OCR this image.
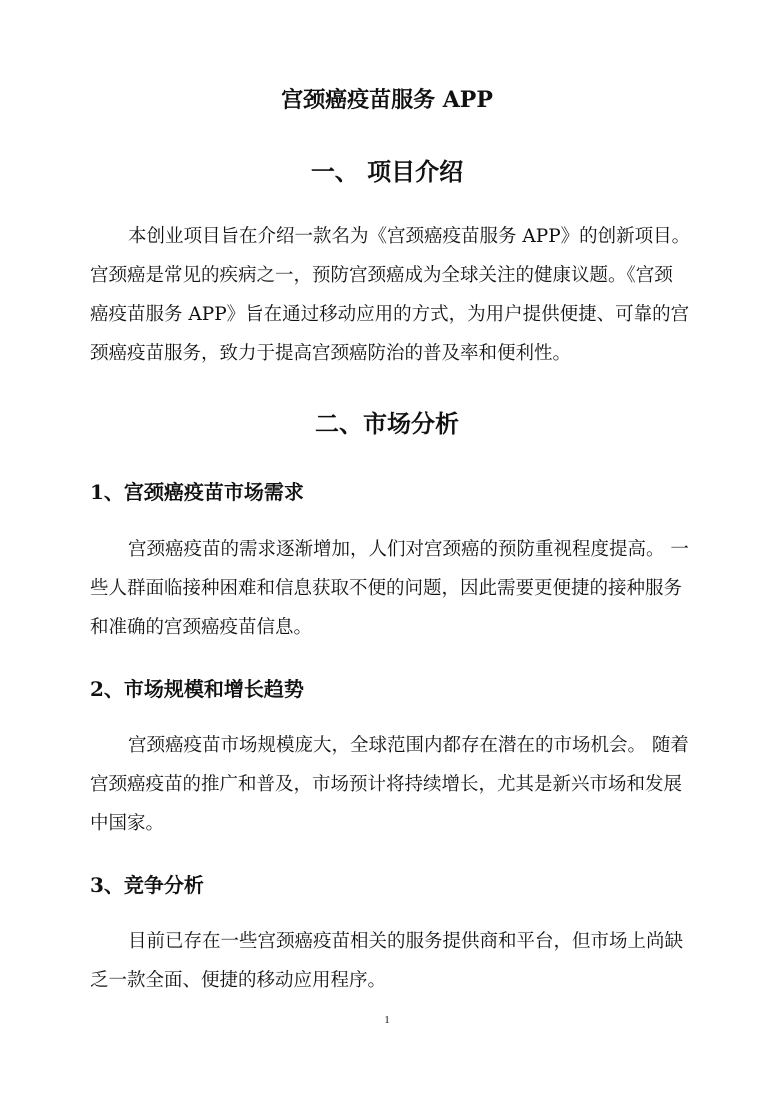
宫颈癌疫苗服务 APP
一、 项目介绍

本创业项目旨在介绍一款名为《宫颈癌疫苗服务 APP》的创新项目。

宫颈癌是常见的疾病之一，预防宫颈癌成为全球关注的健康议题。《宫颈

癌疫苗服务 APP》旨在通过移动应用的方式，为用户提供便捷、可靠的宫

颈癌疫苗服务，致力于提高宫颈癌防治的普及率和便利性。

二、市场分析
1、宫颈癌疫苗市场需求

宫颈癌疫苗的需求逐渐增加，人们对宫颈癌的预防重视程度提高。 一

些人群面临接种困难和信息获取不便的问题，因此需要更便捷的接种服务

和准确的宫颈癌疫苗信息。

2、市场规模和增长趋势

宫颈癌疫苗市场规模庞大，全球范围内都存在潜在的市场机会。 随着

宫颈癌疫苗的推广和普及，市场预计将持续增长，尤其是新兴市场和发展

中国家。

3、竞争分析

目前已存在一些宫颈癌疫苗相关的服务提供商和平台，但市场上尚缺

乏一款全面、便捷的移动应用程序。

1
